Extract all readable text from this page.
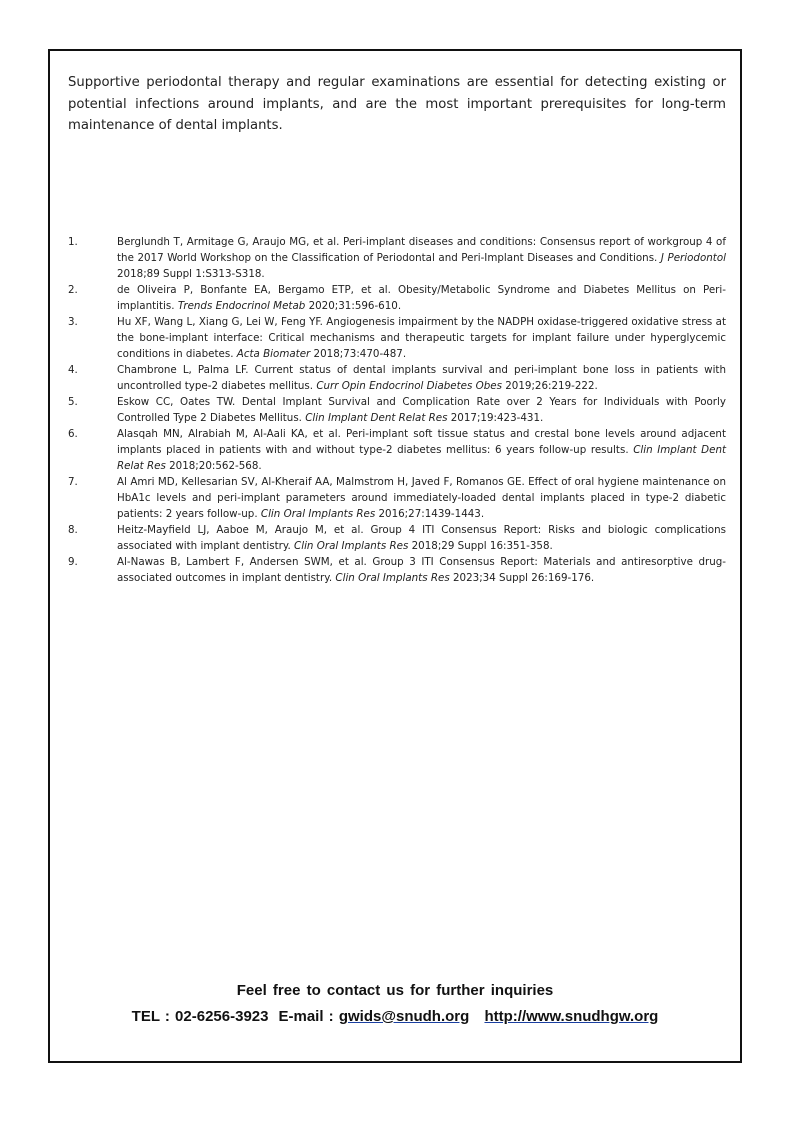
Supportive periodontal therapy and regular examinations are essential for detecting existing or potential infections around implants, and are the most important prerequisites for long-term maintenance of dental implants.

1.	Berglundh T, Armitage G, Araujo MG, et al. Peri-implant diseases and conditions: Consensus report of workgroup 4 of the 2017 World Workshop on the Classification of Periodontal and Peri-Implant Diseases and Conditions. J Periodontol 2018;89 Suppl 1:S313-S318.
2.	de Oliveira P, Bonfante EA, Bergamo ETP, et al. Obesity/Metabolic Syndrome and Diabetes Mellitus on Peri-implantitis. Trends Endocrinol Metab 2020;31:596-610.
3.	Hu XF, Wang L, Xiang G, Lei W, Feng YF. Angiogenesis impairment by the NADPH oxidase-triggered oxidative stress at the bone-implant interface: Critical mechanisms and therapeutic targets for implant failure under hyperglycemic conditions in diabetes. Acta Biomater 2018;73:470-487.
4.	Chambrone L, Palma LF. Current status of dental implants survival and peri-implant bone loss in patients with uncontrolled type-2 diabetes mellitus. Curr Opin Endocrinol Diabetes Obes 2019;26:219-222.
5.	Eskow CC, Oates TW. Dental Implant Survival and Complication Rate over 2 Years for Individuals with Poorly Controlled Type 2 Diabetes Mellitus. Clin Implant Dent Relat Res 2017;19:423-431.
6.	Alasqah MN, Alrabiah M, Al-Aali KA, et al. Peri-implant soft tissue status and crestal bone levels around adjacent implants placed in patients with and without type-2 diabetes mellitus: 6 years follow-up results. Clin Implant Dent Relat Res 2018;20:562-568.
7.	Al Amri MD, Kellesarian SV, Al-Kheraif AA, Malmstrom H, Javed F, Romanos GE. Effect of oral hygiene maintenance on HbA1c levels and peri-implant parameters around immediately-loaded dental implants placed in type-2 diabetic patients: 2 years follow-up. Clin Oral Implants Res 2016;27:1439-1443.
8.	Heitz-Mayfield LJ, Aaboe M, Araujo M, et al. Group 4 ITI Consensus Report: Risks and biologic complications associated with implant dentistry. Clin Oral Implants Res 2018;29 Suppl 16:351-358.
9.	Al-Nawas B, Lambert F, Andersen SWM, et al. Group 3 ITI Consensus Report: Materials and antiresorptive drug-associated outcomes in implant dentistry. Clin Oral Implants Res 2023;34 Suppl 26:169-176.
Feel free to contact us for further inquiries
TEL : 02-6256-3923 E-mail : gwids@snudh.org http://www.snudhgw.org
